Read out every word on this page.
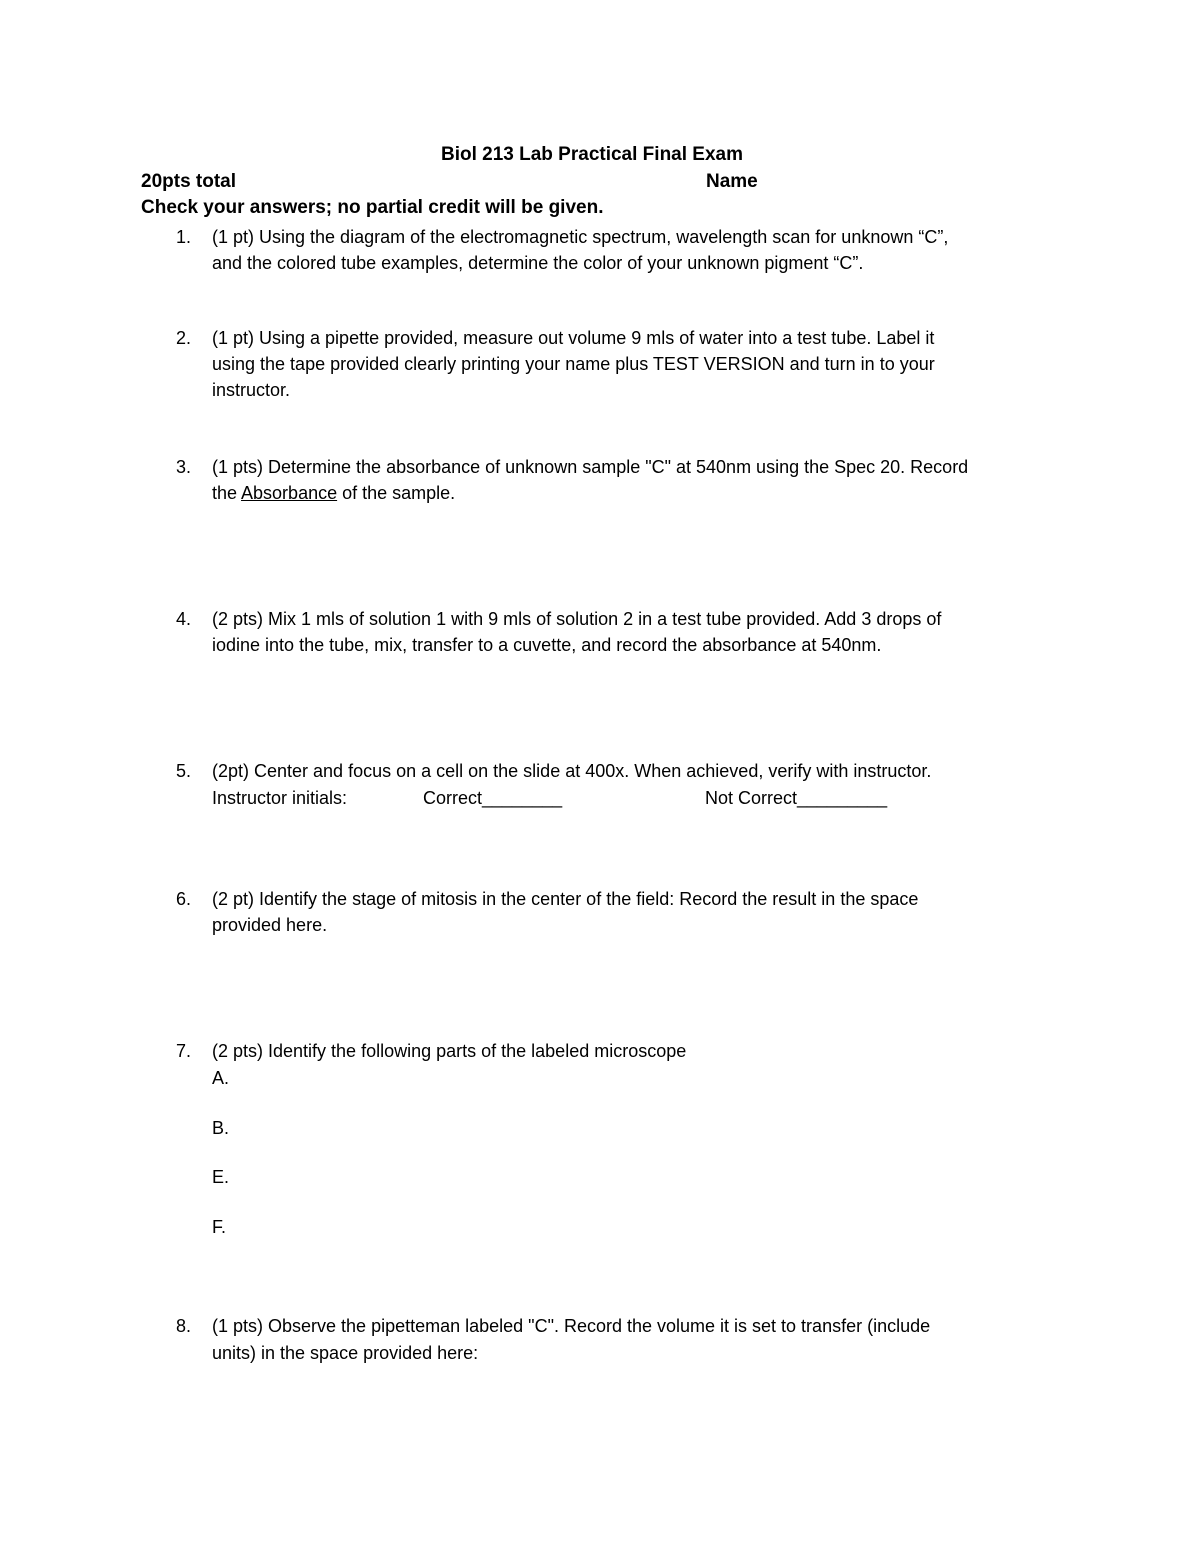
Biol 213 Lab Practical Final Exam
20pts total	Name
Check your answers; no partial credit will be given.
1. (1 pt) Using the diagram of the electromagnetic spectrum, wavelength scan for unknown “C”,
and the colored tube examples, determine the color of your unknown pigment “C”.
2. (1 pt) Using a pipette provided, measure out volume 9 mls of water into a test tube. Label it
using the tape provided clearly printing your name plus TEST VERSION and turn in to your
instructor.
3. (1 pts) Determine the absorbance of unknown sample "C" at 540nm using the Spec 20. Record
the Absorbance of the sample.
4. (2 pts) Mix 1 mls of solution 1 with 9 mls of solution 2 in a test tube provided. Add 3 drops of
iodine into the tube, mix, transfer to a cuvette, and record the absorbance at 540nm.
5. (2pt) Center and focus on a cell on the slide at 400x. When achieved, verify with instructor.
Instructor initials:	Correct________	Not Correct_________
6. (2 pt) Identify the stage of mitosis in the center of the field: Record the result in the space
provided here.
7. (2 pts) Identify the following parts of the labeled microscope
A.
B.
E.
F.
8. (1 pts) Observe the pipetteman labeled "C". Record the volume it is set to transfer (include
units) in the space provided here:
